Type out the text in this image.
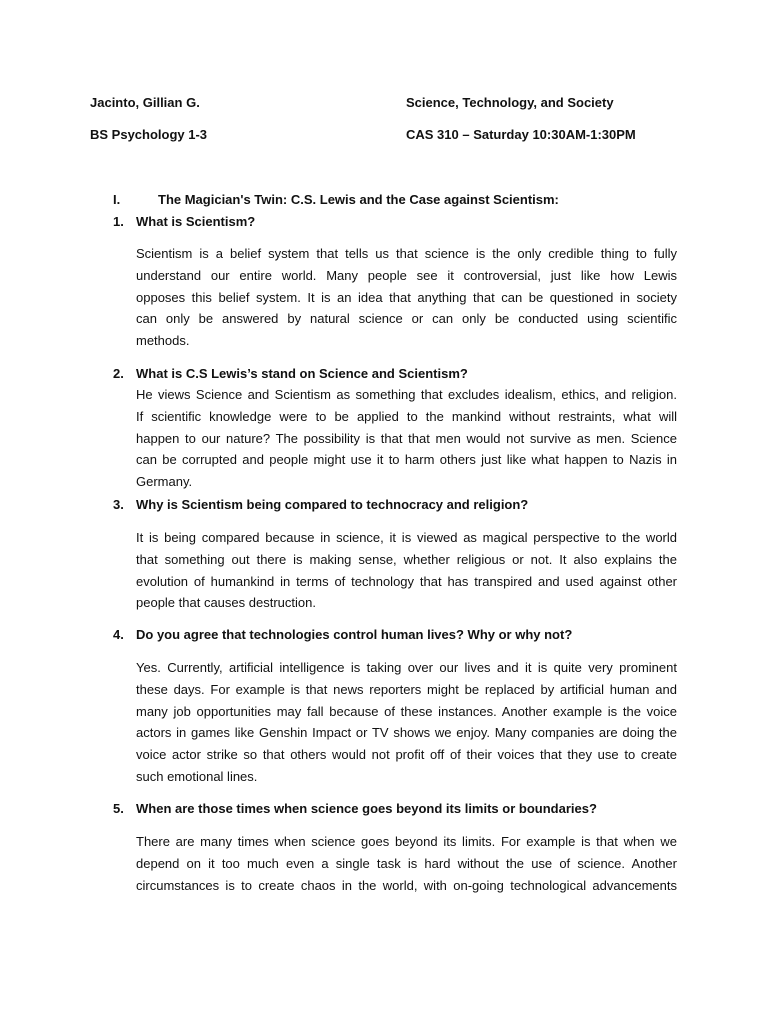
Jacinto, Gillian G.	Science, Technology, and Society
BS Psychology 1-3	CAS 310 – Saturday 10:30AM-1:30PM
I.	The Magician's Twin: C.S. Lewis and the Case against Scientism:
1. What is Scientism?
Scientism is a belief system that tells us that science is the only credible thing to fully
understand our entire world. Many people see it controversial, just like how Lewis
opposes this belief system. It is an idea that anything that can be questioned in society
can only be answered by natural science or can only be conducted using scientific
methods.
2. What is C.S Lewis’s stand on Science and Scientism?
He views Science and Scientism as something that excludes idealism, ethics, and religion.
If scientific knowledge were to be applied to the mankind without restraints, what will
happen to our nature? The possibility is that that men would not survive as men. Science
can be corrupted and people might use it to harm others just like what happen to Nazis in
Germany.
3. Why is Scientism being compared to technocracy and religion?
It is being compared because in science, it is viewed as magical perspective to the world
that something out there is making sense, whether religious or not. It also explains the
evolution of humankind in terms of technology that has transpired and used against other
people that causes destruction.
4. Do you agree that technologies control human lives? Why or why not?
Yes. Currently, artificial intelligence is taking over our lives and it is quite very prominent
these days. For example is that news reporters might be replaced by artificial human and
many job opportunities may fall because of these instances. Another example is the voice
actors in games like Genshin Impact or TV shows we enjoy. Many companies are doing the
voice actor strike so that others would not profit off of their voices that they use to create
such emotional lines.
5. When are those times when science goes beyond its limits or boundaries?
There are many times when science goes beyond its limits. For example is that when we
depend on it too much even a single task is hard without the use of science. Another
circumstances is to create chaos in the world, with on-going technological advancements
